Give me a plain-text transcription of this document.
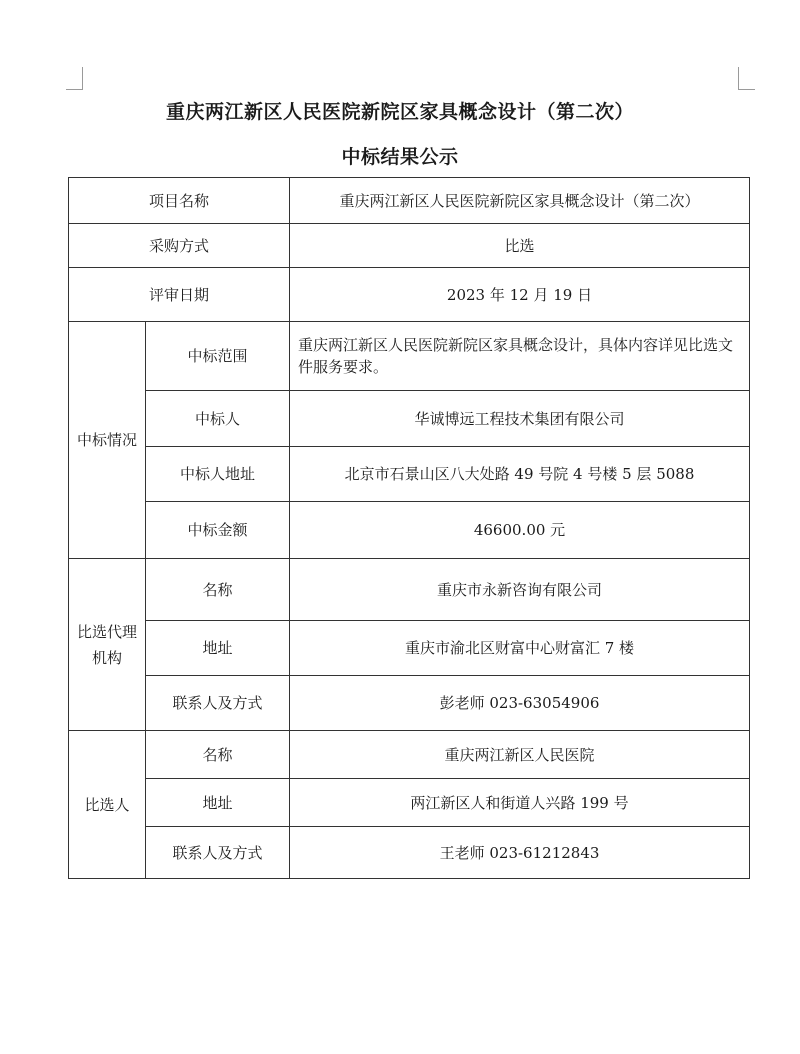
重庆两江新区人民医院新院区家具概念设计（第二次）
中标结果公示
项目名称		重庆两江新区人民医院新院区家具概念设计（第二次）
采购方式		比选
评审日期		2023 年 12 月 19 日
中标情况	中标范围	重庆两江新区人民医院新院区家具概念设计，具体内容详见比选文件服务要求。
	中标人	华诚博远工程技术集团有限公司
	中标人地址	北京市石景山区八大处路 49 号院 4 号楼 5 层 5088
	中标金额	46600.00 元
比选代理机构	名称	重庆市永新咨询有限公司
	地址	重庆市渝北区财富中心财富汇 7 楼
	联系人及方式	彭老师 023-63054906
比选人	名称	重庆两江新区人民医院
	地址	两江新区人和街道人兴路 199 号
	联系人及方式	王老师 023-61212843
